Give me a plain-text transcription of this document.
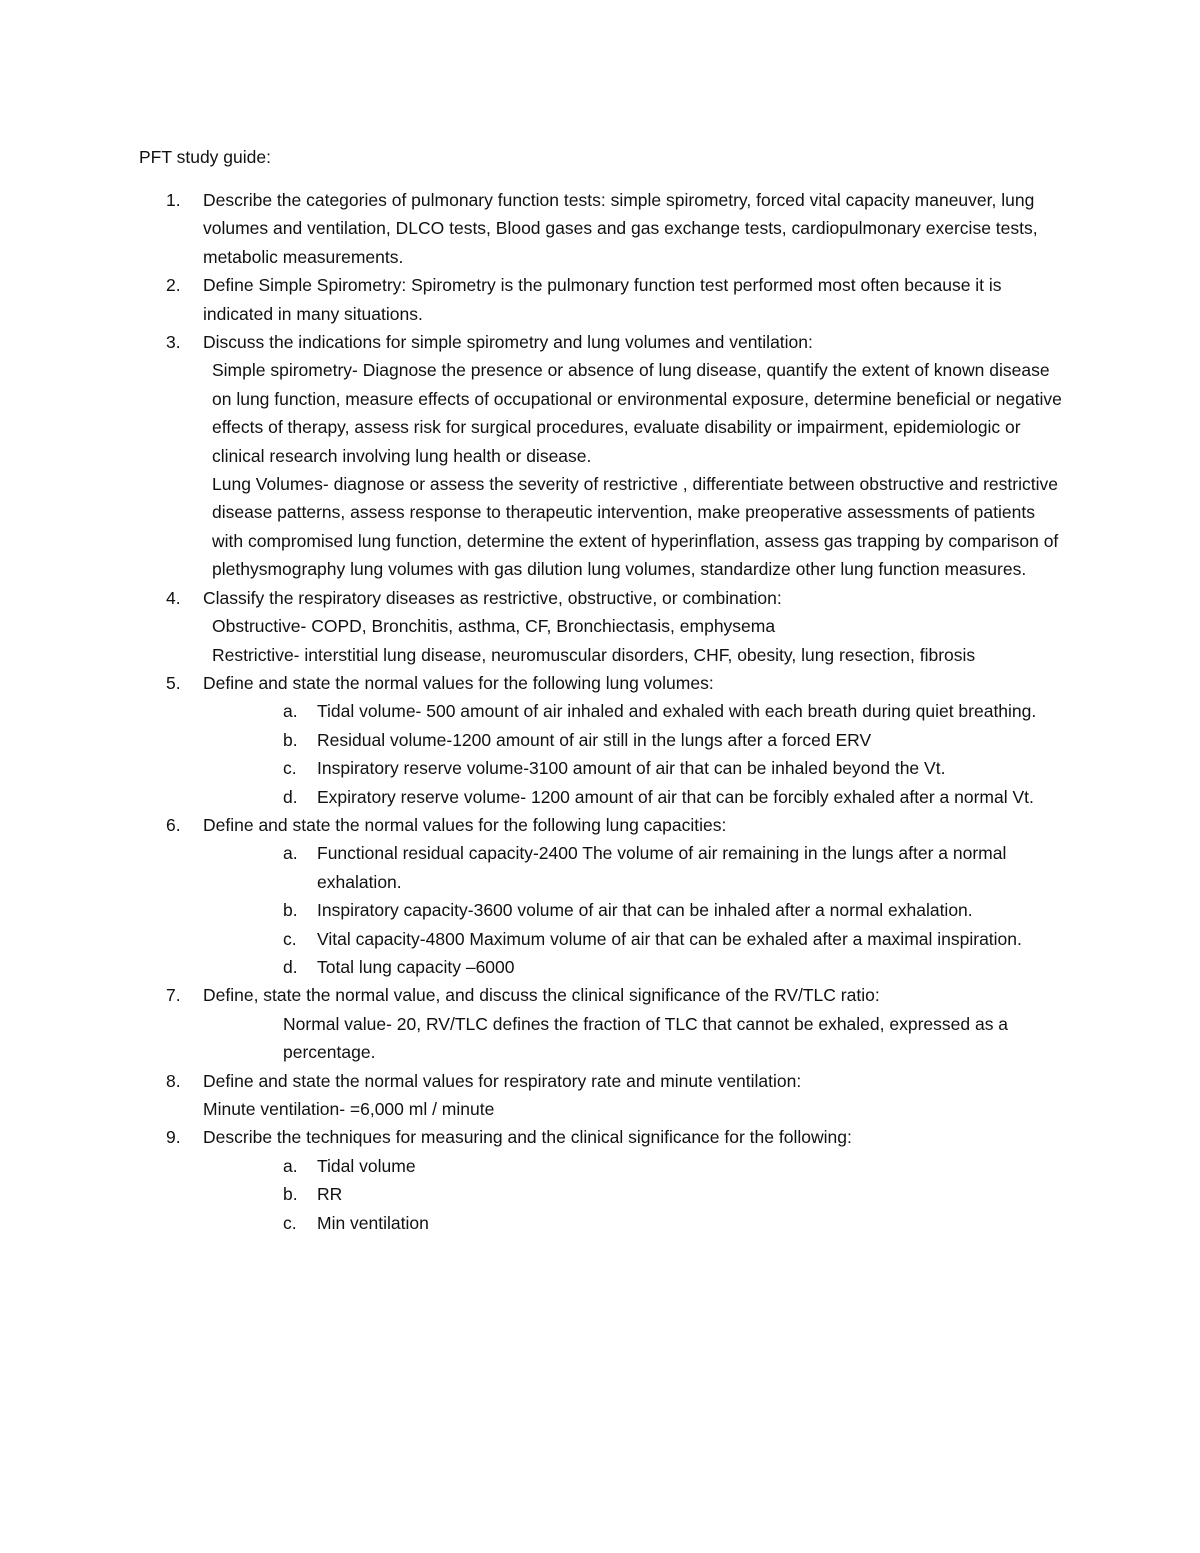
PFT study guide:
1. Describe the categories of pulmonary function tests: simple spirometry, forced vital capacity maneuver, lung volumes and ventilation, DLCO tests, Blood gases and gas exchange tests, cardiopulmonary exercise tests, metabolic measurements.
2. Define Simple Spirometry: Spirometry is the pulmonary function test performed most often because it is indicated in many situations.
3. Discuss the indications for simple spirometry and lung volumes and ventilation:
Simple spirometry- Diagnose the presence or absence of lung disease, quantify the extent of known disease on lung function, measure effects of occupational or environmental exposure, determine beneficial or negative effects of therapy, assess risk for surgical procedures, evaluate disability or impairment, epidemiologic or clinical research involving lung health or disease.
Lung Volumes- diagnose or assess the severity of restrictive , differentiate between obstructive and restrictive disease patterns, assess response to therapeutic intervention, make preoperative assessments of patients with compromised lung function, determine the extent of hyperinflation, assess gas trapping by comparison of plethysmography lung volumes with gas dilution lung volumes, standardize other lung function measures.
4. Classify the respiratory diseases as restrictive, obstructive, or combination:
Obstructive- COPD, Bronchitis, asthma, CF, Bronchiectasis, emphysema
Restrictive- interstitial lung disease, neuromuscular disorders, CHF, obesity, lung resection, fibrosis
5. Define and state the normal values for the following lung volumes:
a. Tidal volume- 500 amount of air inhaled and exhaled with each breath during quiet breathing.
b. Residual volume-1200 amount of air still in the lungs after a forced ERV
c. Inspiratory reserve volume-3100 amount of air that can be inhaled beyond the Vt.
d. Expiratory reserve volume- 1200 amount of air that can be forcibly exhaled after a normal Vt.
6. Define and state the normal values for the following lung capacities:
a. Functional residual capacity-2400 The volume of air remaining in the lungs after a normal exhalation.
b. Inspiratory capacity-3600 volume of air that can be inhaled after a normal exhalation.
c. Vital capacity-4800 Maximum volume of air that can be exhaled after a maximal inspiration.
d. Total lung capacity –6000
7. Define, state the normal value, and discuss the clinical significance of the RV/TLC ratio:
Normal value- 20, RV/TLC defines the fraction of TLC that cannot be exhaled, expressed as a percentage.
8. Define and state the normal values for respiratory rate and minute ventilation:
Minute ventilation- =6,000 ml / minute
9. Describe the techniques for measuring and the clinical significance for the following:
a. Tidal volume
b. RR
c. Min ventilation
